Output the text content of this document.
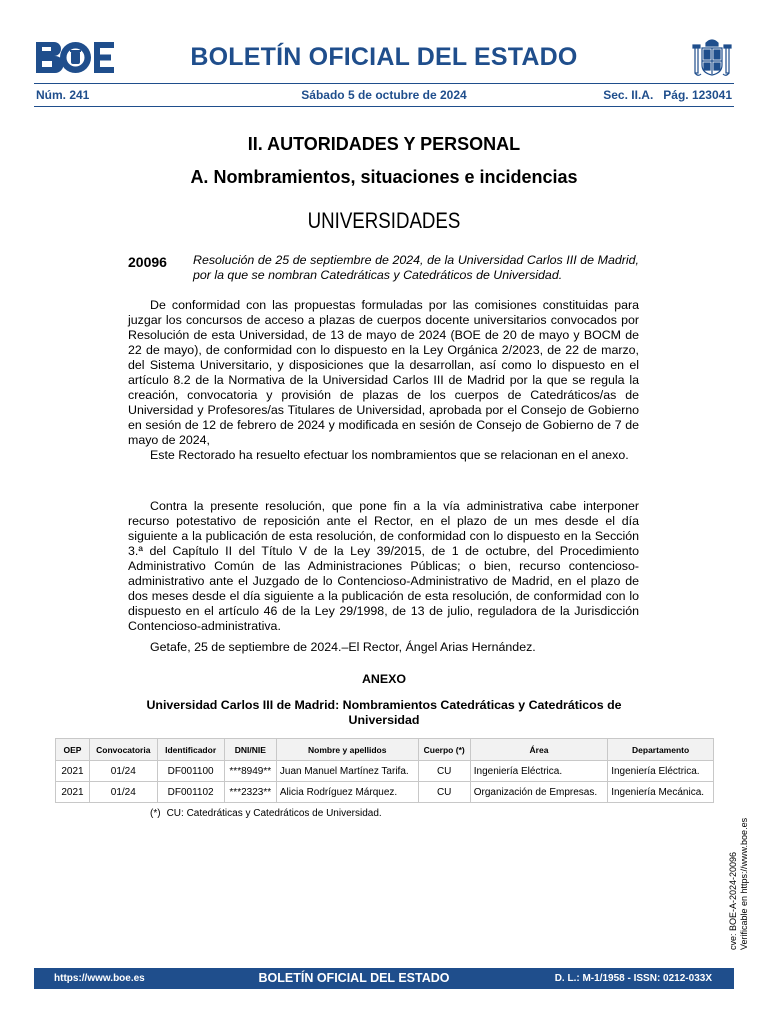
BOLETÍN OFICIAL DEL ESTADO
Núm. 241	Sábado 5 de octubre de 2024	Sec. II.A.   Pág. 123041
II. AUTORIDADES Y PERSONAL
A. Nombramientos, situaciones e incidencias
UNIVERSIDADES
20096 Resolución de 25 de septiembre de 2024, de la Universidad Carlos III de Madrid, por la que se nombran Catedráticas y Catedráticos de Universidad.

De conformidad con las propuestas formuladas por las comisiones constituidas para juzgar los concursos de acceso a plazas de cuerpos docente universitarios convocados por Resolución de esta Universidad, de 13 de mayo de 2024 (BOE de 20 de mayo y BOCM de 22 de mayo), de conformidad con lo dispuesto en la Ley Orgánica 2/2023, de 22 de marzo, del Sistema Universitario, y disposiciones que la desarrollan, así como lo dispuesto en el artículo 8.2 de la Normativa de la Universidad Carlos III de Madrid por la que se regula la creación, convocatoria y provisión de plazas de los cuerpos de Catedráticos/as de Universidad y Profesores/as Titulares de Universidad, aprobada por el Consejo de Gobierno en sesión de 12 de febrero de 2024 y modificada en sesión de Consejo de Gobierno de 7 de mayo de 2024,

Este Rectorado ha resuelto efectuar los nombramientos que se relacionan en el anexo.

Contra la presente resolución, que pone fin a la vía administrativa cabe interponer recurso potestativo de reposición ante el Rector, en el plazo de un mes desde el día siguiente a la publicación de esta resolución, de conformidad con lo dispuesto en la Sección 3.ª del Capítulo II del Título V de la Ley 39/2015, de 1 de octubre, del Procedimiento Administrativo Común de las Administraciones Públicas; o bien, recurso contencioso-administrativo ante el Juzgado de lo Contencioso-Administrativo de Madrid, en el plazo de dos meses desde el día siguiente a la publicación de esta resolución, de conformidad con lo dispuesto en el artículo 46 de la Ley 29/1998, de 13 de julio, reguladora de la Jurisdicción Contencioso-administrativa.

Getafe, 25 de septiembre de 2024.–El Rector, Ángel Arias Hernández.

ANEXO
Universidad Carlos III de Madrid: Nombramientos Catedráticas y Catedráticos de Universidad
OEP	Convocatoria	Identificador	DNI/NIE	Nombre y apellidos	Cuerpo (*)	Área	Departamento
2021	01/24	DF001100	***8949**	Juan Manuel Martínez Tarifa.	CU	Ingeniería Eléctrica.	Ingeniería Eléctrica.
2021	01/24	DF001102	***2323**	Alicia Rodríguez Márquez.	CU	Organización de Empresas.	Ingeniería Mecánica.
(*) CU: Catedráticas y Catedráticos de Universidad.
cve: BOE-A-2024-20096 Verificable en https://www.boe.es
https://www.boe.es	BOLETÍN OFICIAL DEL ESTADO	D. L.: M-1/1958 - ISSN: 0212-033X
